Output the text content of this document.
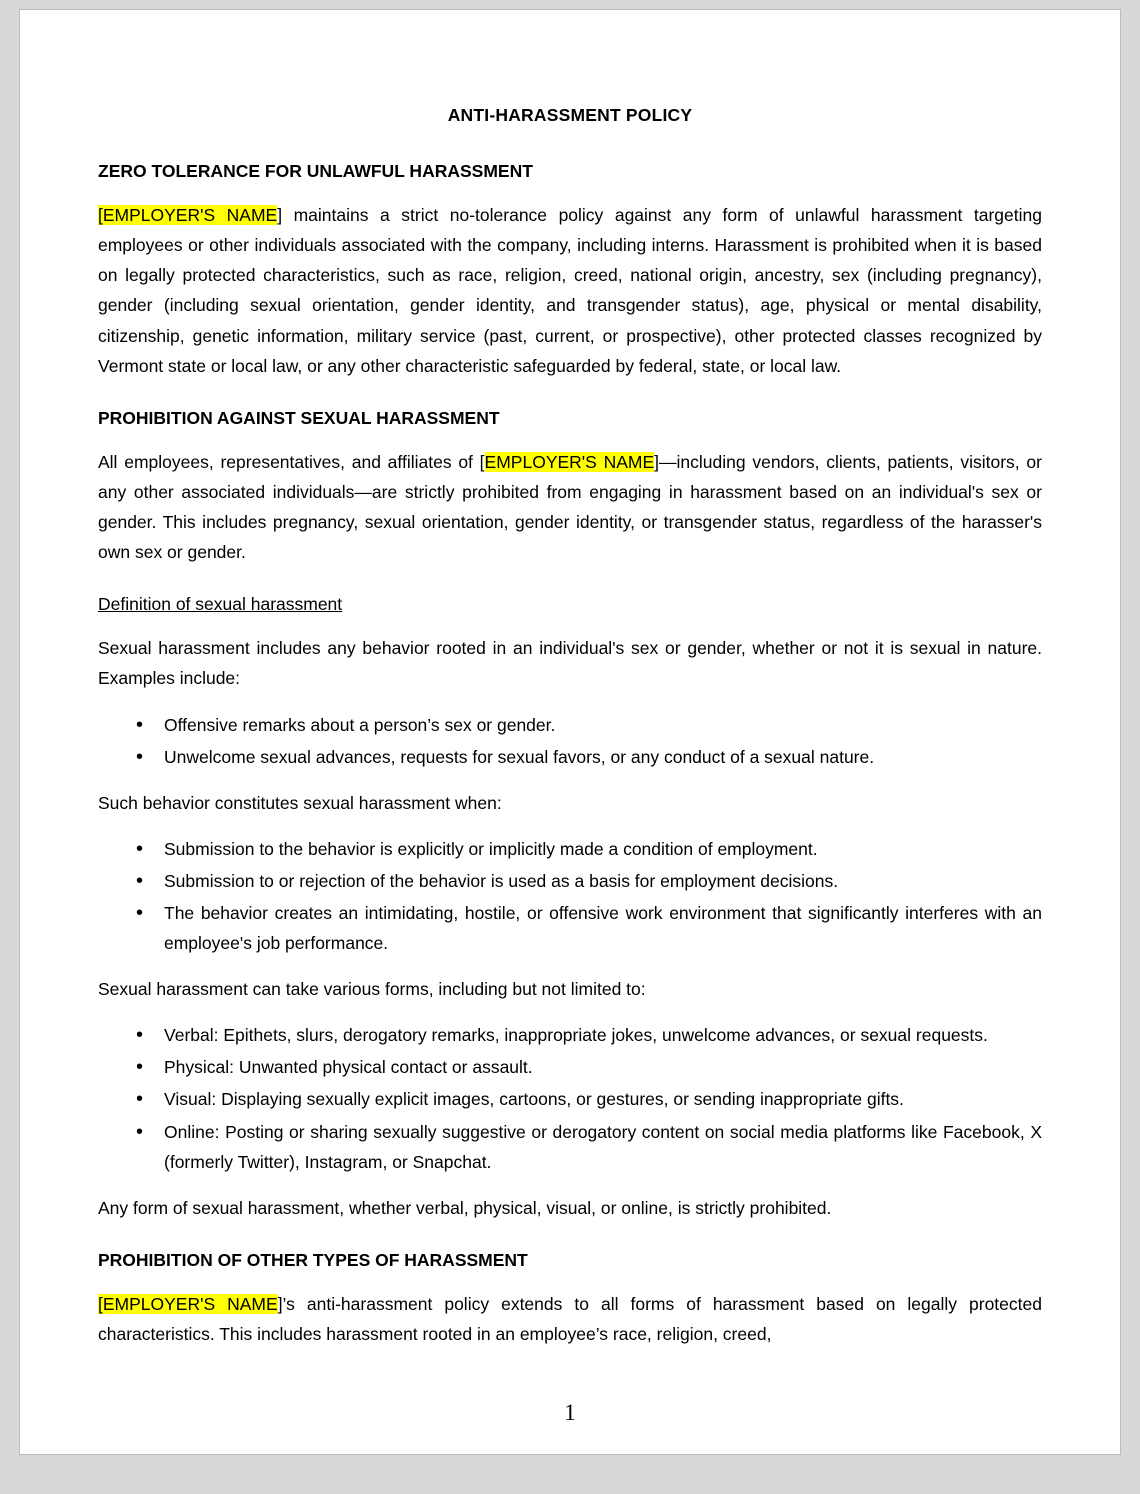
ANTI-HARASSMENT POLICY
ZERO TOLERANCE FOR UNLAWFUL HARASSMENT

[EMPLOYER'S NAME] maintains a strict no-tolerance policy against any form of unlawful harassment targeting employees or other individuals associated with the company, including interns. Harassment is prohibited when it is based on legally protected characteristics, such as race, religion, creed, national origin, ancestry, sex (including pregnancy), gender (including sexual orientation, gender identity, and transgender status), age, physical or mental disability, citizenship, genetic information, military service (past, current, or prospective), other protected classes recognized by Vermont state or local law, or any other characteristic safeguarded by federal, state, or local law.

PROHIBITION AGAINST SEXUAL HARASSMENT

All employees, representatives, and affiliates of [EMPLOYER'S NAME]—including vendors, clients, patients, visitors, or any other associated individuals—are strictly prohibited from engaging in harassment based on an individual's sex or gender. This includes pregnancy, sexual orientation, gender identity, or transgender status, regardless of the harasser's own sex or gender.

Definition of sexual harassment

Sexual harassment includes any behavior rooted in an individual's sex or gender, whether or not it is sexual in nature. Examples include:

• Offensive remarks about a person’s sex or gender.
• Unwelcome sexual advances, requests for sexual favors, or any conduct of a sexual nature.

Such behavior constitutes sexual harassment when:

• Submission to the behavior is explicitly or implicitly made a condition of employment.
• Submission to or rejection of the behavior is used as a basis for employment decisions.
• The behavior creates an intimidating, hostile, or offensive work environment that significantly interferes with an employee's job performance.

Sexual harassment can take various forms, including but not limited to:

• Verbal: Epithets, slurs, derogatory remarks, inappropriate jokes, unwelcome advances, or sexual requests.
• Physical: Unwanted physical contact or assault.
• Visual: Displaying sexually explicit images, cartoons, or gestures, or sending inappropriate gifts.
• Online: Posting or sharing sexually suggestive or derogatory content on social media platforms like Facebook, X (formerly Twitter), Instagram, or Snapchat.

Any form of sexual harassment, whether verbal, physical, visual, or online, is strictly prohibited.

PROHIBITION OF OTHER TYPES OF HARASSMENT

[EMPLOYER'S NAME]’s anti-harassment policy extends to all forms of harassment based on legally protected characteristics. This includes harassment rooted in an employee’s race, religion, creed,

1
